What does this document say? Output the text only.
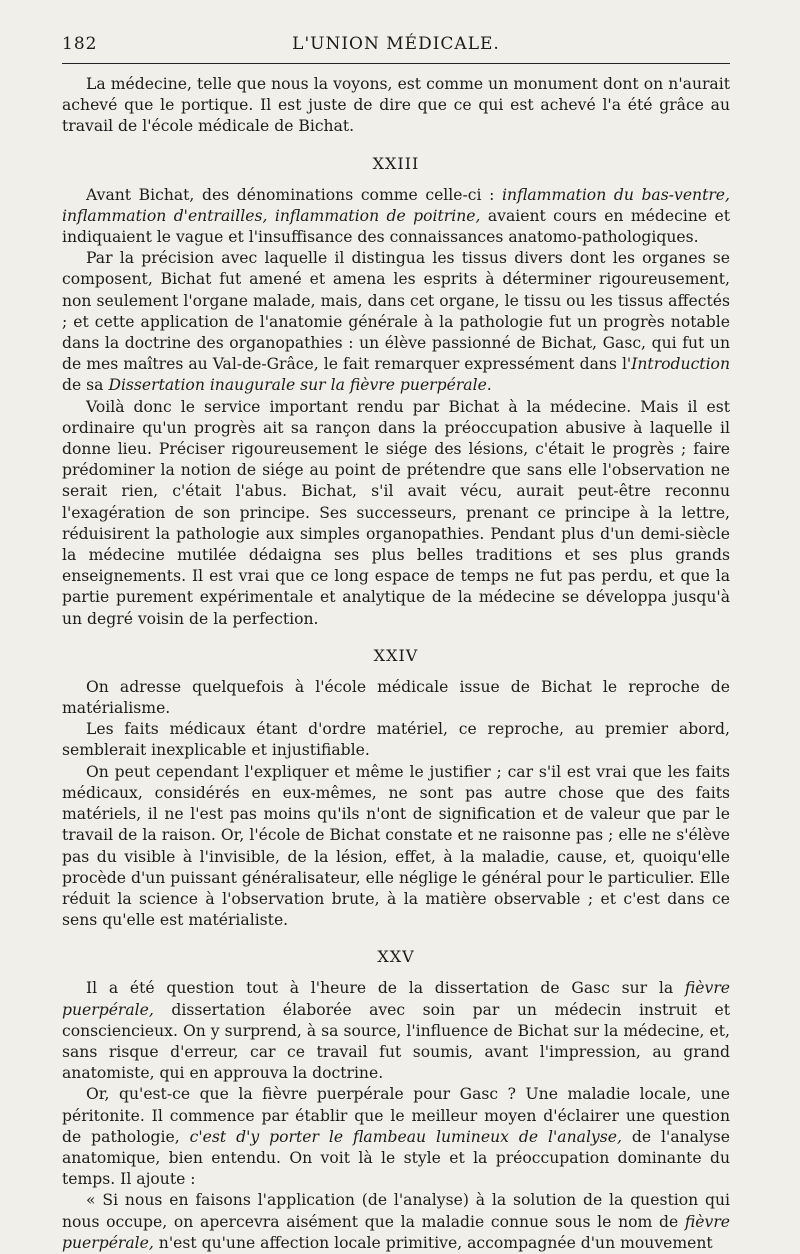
182	L'UNION MÉDICALE.

La médecine, telle que nous la voyons, est comme un monument dont on n'aurait achevé que le portique. Il est juste de dire que ce qui est achevé l'a été grâce au travail de l'école médicale de Bichat.

XXIII

Avant Bichat, des dénominations comme celle-ci : inflammation du bas-ventre, inflammation d'entrailles, inflammation de poitrine, avaient cours en médecine et indiquaient le vague et l'insuffisance des connaissances anatomo-pathologiques.

Par la précision avec laquelle il distingua les tissus divers dont les organes se composent, Bichat fut amené et amena les esprits à déterminer rigoureusement, non seulement l'organe malade, mais, dans cet organe, le tissu ou les tissus affectés ; et cette application de l'anatomie générale à la pathologie fut un progrès notable dans la doctrine des organopathies : un élève passionné de Bichat, Gasc, qui fut un de mes maîtres au Val-de-Grâce, le fait remarquer expressément dans l'Introduction de sa Dissertation inaugurale sur la fièvre puerpérale.

Voilà donc le service important rendu par Bichat à la médecine. Mais il est ordinaire qu'un progrès ait sa rançon dans la préoccupation abusive à laquelle il donne lieu. Préciser rigoureusement le siége des lésions, c'était le progrès ; faire prédominer la notion de siége au point de prétendre que sans elle l'observation ne serait rien, c'était l'abus. Bichat, s'il avait vécu, aurait peut-être reconnu l'exagération de son principe. Ses successeurs, prenant ce principe à la lettre, réduisirent la pathologie aux simples organopathies. Pendant plus d'un demi-siècle la médecine mutilée dédaigna ses plus belles traditions et ses plus grands enseignements. Il est vrai que ce long espace de temps ne fut pas perdu, et que la partie purement expérimentale et analytique de la médecine se développa jusqu'à un degré voisin de la perfection.

XXIV

On adresse quelquefois à l'école médicale issue de Bichat le reproche de matérialisme.

Les faits médicaux étant d'ordre matériel, ce reproche, au premier abord, semblerait inexplicable et injustifiable.

On peut cependant l'expliquer et même le justifier ; car s'il est vrai que les faits médicaux, considérés en eux-mêmes, ne sont pas autre chose que des faits matériels, il ne l'est pas moins qu'ils n'ont de signification et de valeur que par le travail de la raison. Or, l'école de Bichat constate et ne raisonne pas ; elle ne s'élève pas du visible à l'invisible, de la lésion, effet, à la maladie, cause, et, quoiqu'elle procède d'un puissant généralisateur, elle néglige le général pour le particulier. Elle réduit la science à l'observation brute, à la matière observable ; et c'est dans ce sens qu'elle est matérialiste.

XXV

Il a été question tout à l'heure de la dissertation de Gasc sur la fièvre puerpérale, dissertation élaborée avec soin par un médecin instruit et consciencieux. On y surprend, à sa source, l'influence de Bichat sur la médecine, et, sans risque d'erreur, car ce travail fut soumis, avant l'impression, au grand anatomiste, qui en approuva la doctrine.

Or, qu'est-ce que la fièvre puerpérale pour Gasc ? Une maladie locale, une péritonite. Il commence par établir que le meilleur moyen d'éclairer une question de pathologie, c'est d'y porter le flambeau lumineux de l'analyse, de l'analyse anatomique, bien entendu. On voit là le style et la préoccupation dominante du temps. Il ajoute :

« Si nous en faisons l'application (de l'analyse) à la solution de la question qui nous occupe, on apercevra aisément que la maladie connue sous le nom de fièvre puerpérale, n'est qu'une affection locale primitive, accompagnée d'un mouvement
